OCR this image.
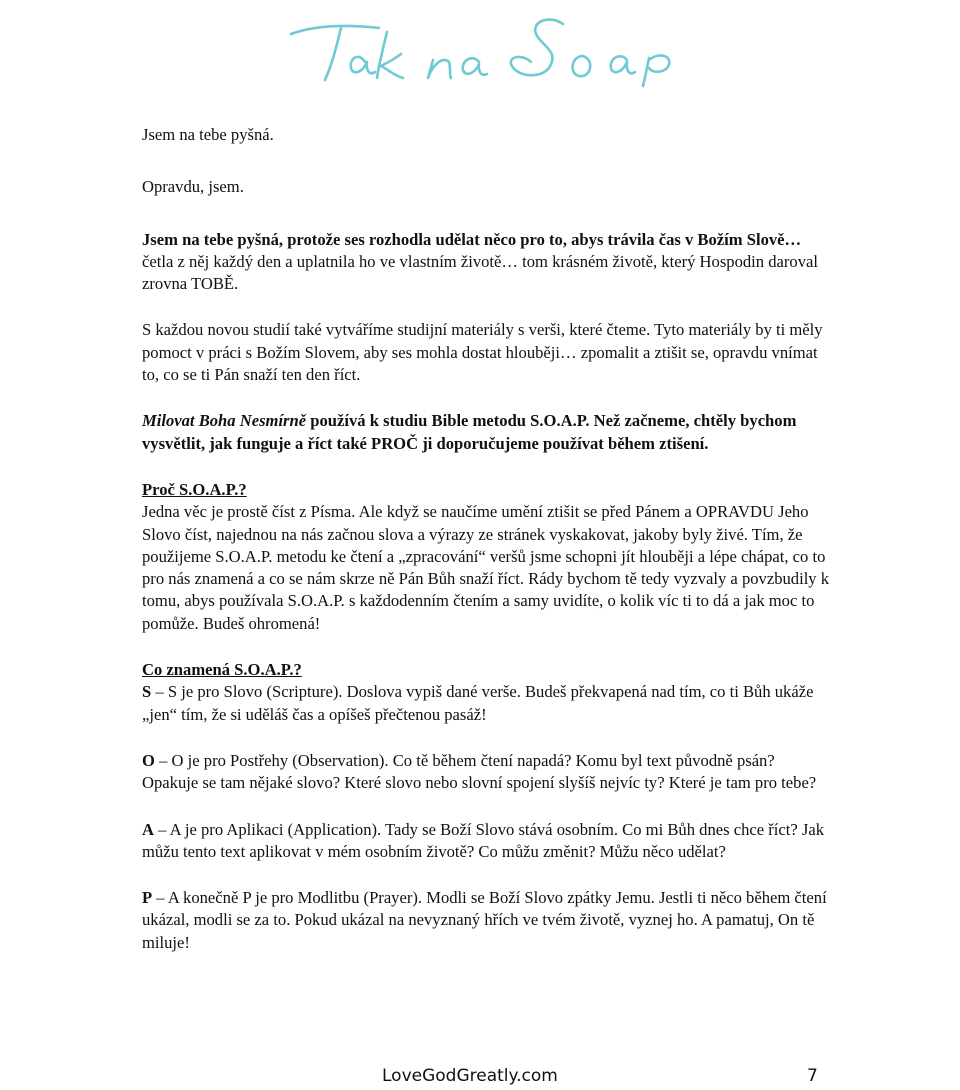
Jsem na tebe pyšná.

Opravdu, jsem.

Jsem na tebe pyšná, protože ses rozhodla udělat něco pro to, abys trávila čas v Božím Slově… četla z něj každý den a uplatnila ho ve vlastním životě… tom krásném životě, který Hospodin daroval zrovna TOBĚ.

S každou novou studií také vytváříme studijní materiály s verši, které čteme. Tyto materiály by ti měly pomoct v práci s Božím Slovem, aby ses mohla dostat hlouběji… zpomalit a ztišit se, opravdu vnímat to, co se ti Pán snaží ten den říct.

Milovat Boha Nesmírně používá k studiu Bible metodu S.O.A.P. Než začneme, chtěly bychom vysvětlit, jak funguje a říct také PROČ ji doporučujeme používat během ztišení.

Proč S.O.A.P.?

Jedna věc je prostě číst z Písma. Ale když se naučíme umění ztišit se před Pánem a OPRAVDU Jeho Slovo číst, najednou na nás začnou slova a výrazy ze stránek vyskakovat, jakoby byly živé. Tím, že použijeme S.O.A.P. metodu ke čtení a „zpracování“ veršů jsme schopni jít hlouběji a lépe chápat, co to pro nás znamená a co se nám skrze ně Pán Bůh snaží říct. Rády bychom tě tedy vyzvaly a povzbudily k tomu, abys používala S.O.A.P. s každodenním čtením a samy uvidíte, o kolik víc ti to dá a jak moc to pomůže. Budeš ohromená!

Co znamená S.O.A.P.?

S – S je pro Slovo (Scripture). Doslova vypiš dané verše. Budeš překvapená nad tím, co ti Bůh ukáže „jen“ tím, že si uděláš čas a opíšeš přečtenou pasáž!

O – O je pro Postřehy (Observation). Co tě během čtení napadá? Komu byl text původně psán? Opakuje se tam nějaké slovo? Které slovo nebo slovní spojení slyšíš nejvíc ty? Které je tam pro tebe?

A – A je pro Aplikaci (Application). Tady se Boží Slovo stává osobním. Co mi Bůh dnes chce říct? Jak můžu tento text aplikovat v mém osobním životě? Co můžu změnit? Můžu něco udělat?

P – A konečně P je pro Modlitbu (Prayer). Modli se Boží Slovo zpátky Jemu. Jestli ti něco během čtení ukázal, modli se za to. Pokud ukázal na nevyznaný hřích ve tvém životě, vyznej ho. A pamatuj, On tě miluje!

LoveGodGreatly.com	7
